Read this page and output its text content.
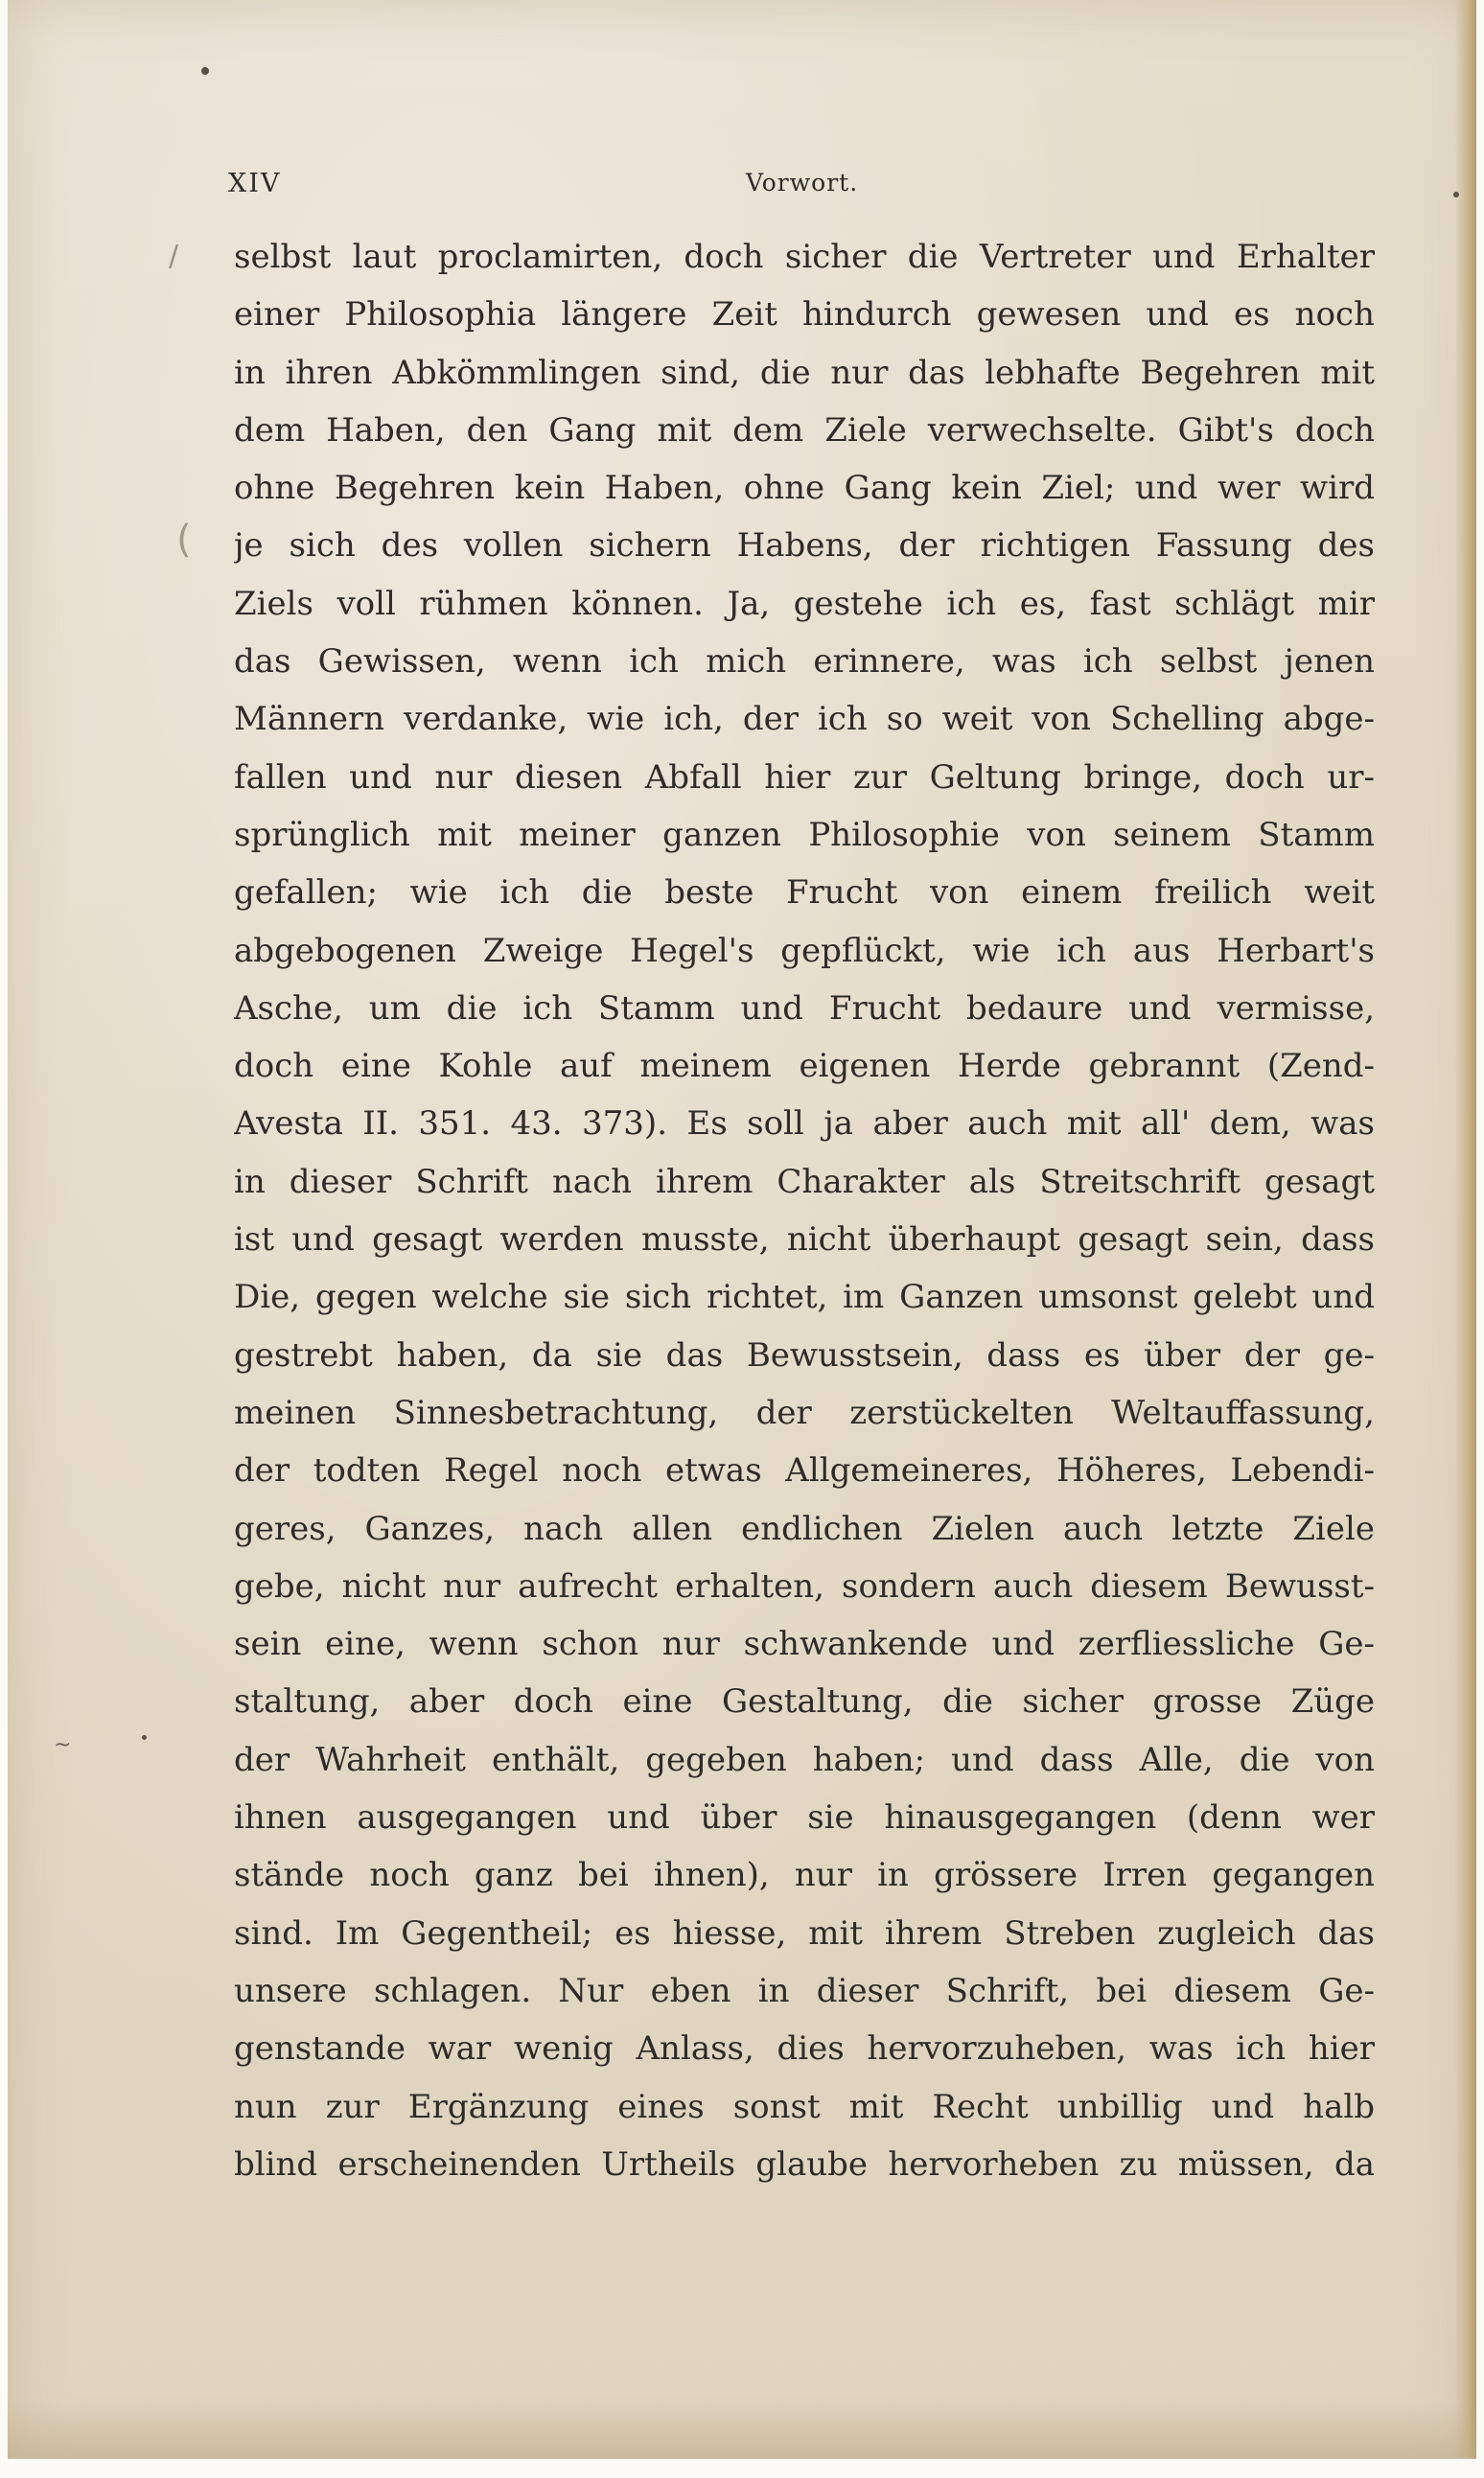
~
/
(
XIV	Vorwort.
selbst laut proclamirten, doch sicher die Vertreter und Erhalter
einer Philosophia längere Zeit hindurch gewesen und es noch
in ihren Abkömmlingen sind, die nur das lebhafte Begehren mit
dem Haben, den Gang mit dem Ziele verwechselte. Gibt's doch
ohne Begehren kein Haben, ohne Gang kein Ziel; und wer wird
je sich des vollen sichern Habens, der richtigen Fassung des
Ziels voll rühmen können. Ja, gestehe ich es, fast schlägt mir
das Gewissen, wenn ich mich erinnere, was ich selbst jenen
Männern verdanke, wie ich, der ich so weit von Schelling abge-
fallen und nur diesen Abfall hier zur Geltung bringe, doch ur-
sprünglich mit meiner ganzen Philosophie von seinem Stamm
gefallen; wie ich die beste Frucht von einem freilich weit
abgebogenen Zweige Hegel's gepflückt, wie ich aus Herbart's
Asche, um die ich Stamm und Frucht bedaure und vermisse,
doch eine Kohle auf meinem eigenen Herde gebrannt (Zend-
Avesta II. 351. 43. 373). Es soll ja aber auch mit all' dem, was
in dieser Schrift nach ihrem Charakter als Streitschrift gesagt
ist und gesagt werden musste, nicht überhaupt gesagt sein, dass
Die, gegen welche sie sich richtet, im Ganzen umsonst gelebt und
gestrebt haben, da sie das Bewusstsein, dass es über der ge-
meinen Sinnesbetrachtung, der zerstückelten Weltauffassung,
der todten Regel noch etwas Allgemeineres, Höheres, Lebendi-
geres, Ganzes, nach allen endlichen Zielen auch letzte Ziele
gebe, nicht nur aufrecht erhalten, sondern auch diesem Bewusst-
sein eine, wenn schon nur schwankende und zerfliessliche Ge-
staltung, aber doch eine Gestaltung, die sicher grosse Züge
der Wahrheit enthält, gegeben haben; und dass Alle, die von
ihnen ausgegangen und über sie hinausgegangen (denn wer
stände noch ganz bei ihnen), nur in grössere Irren gegangen
sind. Im Gegentheil; es hiesse, mit ihrem Streben zugleich das
unsere schlagen. Nur eben in dieser Schrift, bei diesem Ge-
genstande war wenig Anlass, dies hervorzuheben, was ich hier
nun zur Ergänzung eines sonst mit Recht unbillig und halb
blind erscheinenden Urtheils glaube hervorheben zu müssen, da
